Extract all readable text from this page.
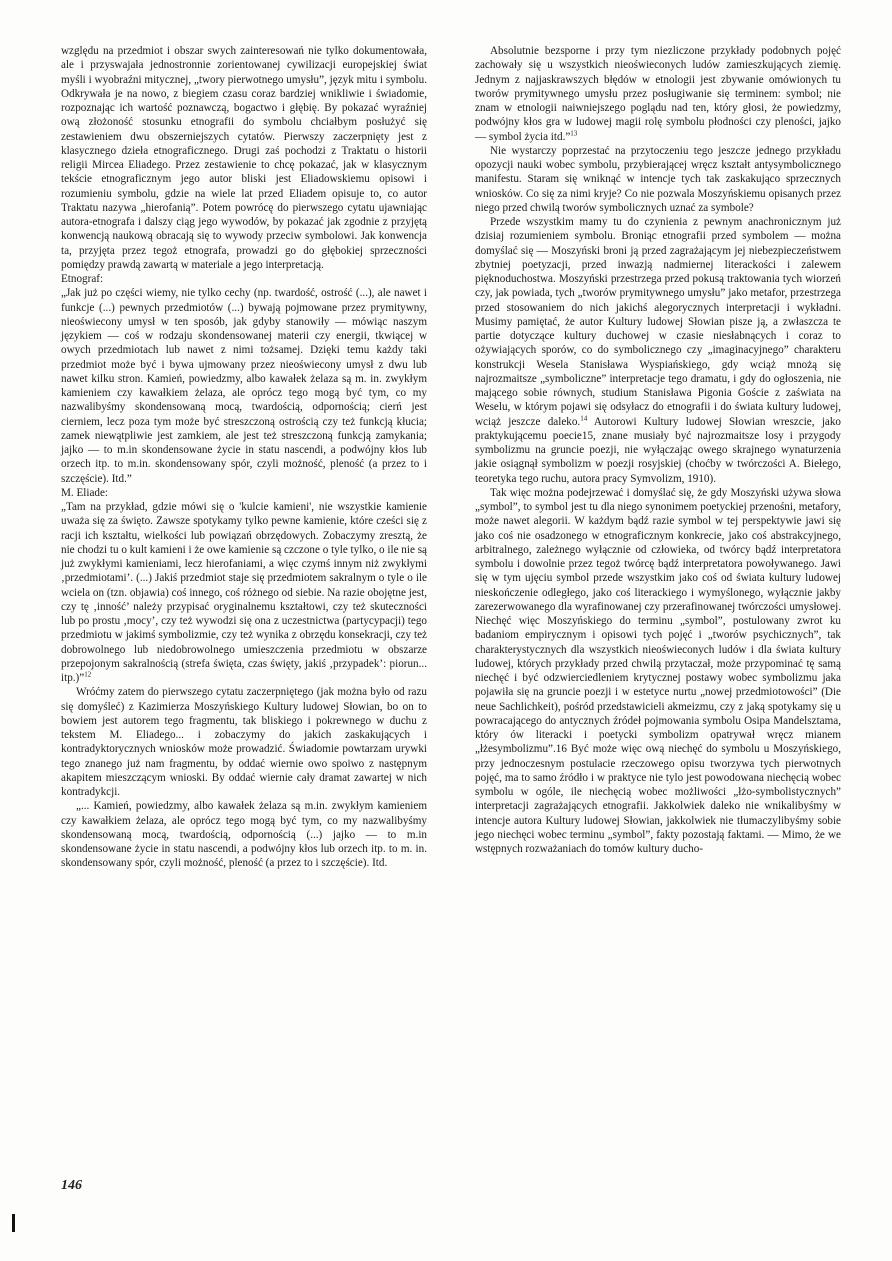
względu na przedmiot i obszar swych zainteresowań nie tylko dokumentowała, ale i przyswajała jednostronnie zorientowanej cywilizacji europejskiej świat myśli i wyobraźni mitycznej, „twory pierwotnego umysłu”, język mitu i symbolu. Odkrywała je na nowo, z biegiem czasu coraz bardziej wnikliwie i świadomie, rozpoznając ich wartość poznawczą, bogactwo i głębię. By pokazać wyraźniej ową złożoność stosunku etnografii do symbolu chciałbym posłużyć się zestawieniem dwu obszerniejszych cytatów. Pierwszy zaczerpnięty jest z klasycznego dzieła etnograficznego. Drugi zaś pochodzi z Traktatu o historii religii Mircea Eliadego. Przez zestawienie to chcę pokazać, jak w klasycznym tekście etnograficznym jego autor bliski jest Eliadowskiemu opisowi i rozumieniu symbolu, gdzie na wiele lat przed Eliadem opisuje to, co autor Traktatu nazywa „hierofanią”. Potem powrócę do pierwszego cytatu ujawniając autora-etnografa i dalszy ciąg jego wywodów, by pokazać jak zgodnie z przyjętą konwencją naukową obracają się to wywody przeciw symbolowi. Jak konwencja ta, przyjęta przez tegoż etnografa, prowadzi go do głębokiej sprzeczności pomiędzy prawdą zawartą w materiale a jego interpretacją.

Etnograf:

„Jak już po części wiemy, nie tylko cechy (np. twardość, ostrość (...), ale nawet i funkcje (...) pewnych przedmiotów (...) bywają pojmowane przez prymitywny, nieoświecony umysł w ten sposób, jak gdyby stanowiły — mówiąc naszym językiem — coś w rodzaju skondensowanej materii czy energii, tkwiącej w owych przedmiotach lub nawet z nimi tożsamej. Dzięki temu każdy taki przedmiot może być i bywa ujmowany przez nieoświecony umysł z dwu lub nawet kilku stron. Kamień, powiedzmy, albo kawałek żelaza są m. in. zwykłym kamieniem czy kawałkiem żelaza, ale oprócz tego mogą być tym, co my nazwalibyśmy skondensowaną mocą, twardością, odpornością; cierń jest cierniem, lecz poza tym może być streszczoną ostrością czy też funkcją kłucia; zamek niewątpliwie jest zamkiem, ale jest też streszczoną funkcją zamykania; jajko — to m.in skondensowane życie in statu nascendi, a podwójny kłos lub orzech itp. to m.in. skondensowany spór, czyli możność, pleność (a przez to i szczęście). Itd.”

M. Eliade:

„Tam na przykład, gdzie mówi się o 'kulcie kamieni', nie wszystkie kamienie uważa się za święto. Zawsze spotykamy tylko pewne kamienie, które cześci się z racji ich kształtu, wielkości lub powiązań obrzędowych. Zobaczymy zresztą, że nie chodzi tu o kult kamieni i że owe kamienie są czczone o tyle tylko, o ile nie są już zwykłymi kamieniami, lecz hierofaniami, a więc czymś innym niż zwykłymi ‚przedmiotami’. (...) Jakiś przedmiot staje się przedmiotem sakralnym o tyle o ile wciela on (tzn. objawia) coś innego, coś różnego od siebie. Na razie obojętne jest, czy tę ‚inność’ należy przypisać oryginalnemu kształtowi, czy też skuteczności lub po prostu ‚mocy’, czy też wywodzi się ona z uczestnictwa (partycypacji) tego przedmiotu w jakimś symbolizmie, czy też wynika z obrzędu konsekracji, czy też dobrowolnego lub niedobrowolnego umieszczenia przedmiotu w obszarze przepojonym sakralnością (strefa święta, czas święty, jakiś ‚przypadek’: piorun... itp.)”$^{12}$

Wróćmy zatem do pierwszego cytatu zaczerpniętego (jak można było od razu się domyśleć) z Kazimierza Moszyńskiego Kultury ludowej Słowian, bo on to bowiem jest autorem tego fragmentu, tak bliskiego i pokrewnego w duchu z tekstem M. Eliadego... i zobaczymy do jakich zaskakujących i kontradyktorycznych wniosków może prowadzić. Świadomie powtarzam urywki tego znanego już nam fragmentu, by oddać wiernie owo spoiwo z następnym akapitem mieszczącym wnioski. By oddać wiernie cały dramat zawartej w nich kontradykcji.

„... Kamień, powiedzmy, albo kawałek żelaza są m.in. zwykłym kamieniem czy kawałkiem żelaza, ale oprócz tego mogą być tym, co my nazwalibyśmy skondensowaną mocą, twardością, odpornością (...) jajko — to m.in skondensowane życie in statu nascendi, a podwójny kłos lub orzech itp. to m. in. skondensowany spór, czyli możność, pleność (a przez to i szczęście). Itd.

Absolutnie bezsporne i przy tym niezliczone przykłady podobnych pojęć zachowały się u wszystkich nieoświeconych ludów zamieszkujących ziemię. Jednym z najjaskrawszych błędów w etnologii jest zbywanie omówionych tu tworów prymitywnego umysłu przez posługiwanie się terminem: symbol; nie znam w etnologii naiwniejszego poglądu nad ten, który głosi, że powiedzmy, podwójny kłos gra w ludowej magii rolę symbolu płodności czy pleności, jajko — symbol życia itd.”$^{13}$

Nie wystarczy poprzestać na przytoczeniu tego jeszcze jednego przykładu opozycji nauki wobec symbolu, przybierającej wręcz kształt antysymbolicznego manifestu. Staram się wniknąć w intencje tych tak zaskakująco sprzecznych wniosków. Co się za nimi kryje? Co nie pozwala Moszyńskiemu opisanych przez niego przed chwilą tworów symbolicznych uznać za symbole?

Przede wszystkim mamy tu do czynienia z pewnym anachronicznym już dzisiaj rozumieniem symbolu. Broniąc etnografii przed symbolem — można domyślać się — Moszyński broni ją przed zagrażającym jej niebezpieczeństwem zbytniej poetyzacji, przed inwazją nadmiernej literackości i zalewem pięknoduchostwa. Moszyński przestrzega przed pokusą traktowania tych wiorzeń czy, jak powiada, tych „tworów prymitywnego umysłu” jako metafor, przestrzega przed stosowaniem do nich jakichś alegorycznych interpretacji i wykładni. Musimy pamiętać, że autor Kultury ludowej Słowian pisze ją, a zwłaszcza te partie dotyczące kultury duchowej w czasie niesłabnących i coraz to ożywiających sporów, co do symbolicznego czy „imaginacyjnego” charakteru konstrukcji Wesela Stanisława Wyspiańskiego, gdy wciąż mnożą się najrozmaitsze „symboliczne” interpretacje tego dramatu, i gdy do ogłoszenia, nie mającego sobie równych, studium Stanisława Pigonia Goście z zaświata na Weselu, w którym pojawi się odsyłacz do etnografii i do świata kultury ludowej, wciąż jeszcze daleko.$^{14}$ Autorowi Kultury ludowej Słowian wreszcie, jako praktykującemu poecie15, znane musiały być najrozmaitsze losy i przygody symbolizmu na gruncie poezji, nie wyłączając owego skrajnego wynaturzenia jakie osiągnął symbolizm w poezji rosyjskiej (choćby w twórczości A. Biełego, teoretyka tego ruchu, autora pracy Symvolizm, 1910).

Tak więc można podejrzewać i domyślać się, że gdy Moszyński używa słowa „symbol”, to symbol jest tu dla niego synonimem poetyckiej przenośni, metafory, może nawet alegorii. W każdym bądź razie symbol w tej perspektywie jawi się jako coś nie osadzonego w etnograficznym konkrecie, jako coś abstrakcyjnego, arbitralnego, zależnego wyłącznie od człowieka, od twórcy bądź interpretatora symbolu i dowolnie przez tegoż twórcę bądź interpretatora powoływanego. Jawi się w tym ujęciu symbol przede wszystkim jako coś od świata kultury ludowej nieskończenie odległego, jako coś literackiego i wymyślonego, wyłącznie jakby zarezerwowanego dla wyrafinowanej czy przerafinowanej twórczości umysłowej. Niechęć więc Moszyńskiego do terminu „symbol”, postulowany zwrot ku badaniom empirycznym i opisowi tych pojęć i „tworów psychicznych”, tak charakterystycznych dla wszystkich nieoświeconych ludów i dla świata kultury ludowej, których przykłady przed chwilą przytaczał, może przypominać tę samą niechęć i być odzwierciedleniem krytycznej postawy wobec symbolizmu jaka pojawiła się na gruncie poezji i w estetyce nurtu „nowej przedmiotowości” (Die neue Sachlichkeit), pośród przedstawicieli akmeizmu, czy z jaką spotykamy się u powracającego do antycznych źródeł pojmowania symbolu Osipa Mandelsztama, który ów literacki i poetycki symbolizm opatrywał wręcz mianem „łżesymbolizmu”.16 Być może więc ową niechęć do symbolu u Moszyńskiego, przy jednoczesnym postulacie rzeczowego opisu tworzywa tych pierwotnych pojęć, ma to samo źródło i w praktyce nie tylo jest powodowana niechęcią wobec symbolu w ogóle, ile niechęcią wobec możliwości „łżo-symbolistycznych” interpretacji zagrażających etnografii. Jakkolwiek daleko nie wnikalibyśmy w intencje autora Kultury ludowej Słowian, jakkolwiek nie tłumaczylibyśmy sobie jego niechęci wobec terminu „symbol”, fakty pozostają faktami. — Mimo, że we wstępnych rozważaniach do tomów kultury ducho-

146
